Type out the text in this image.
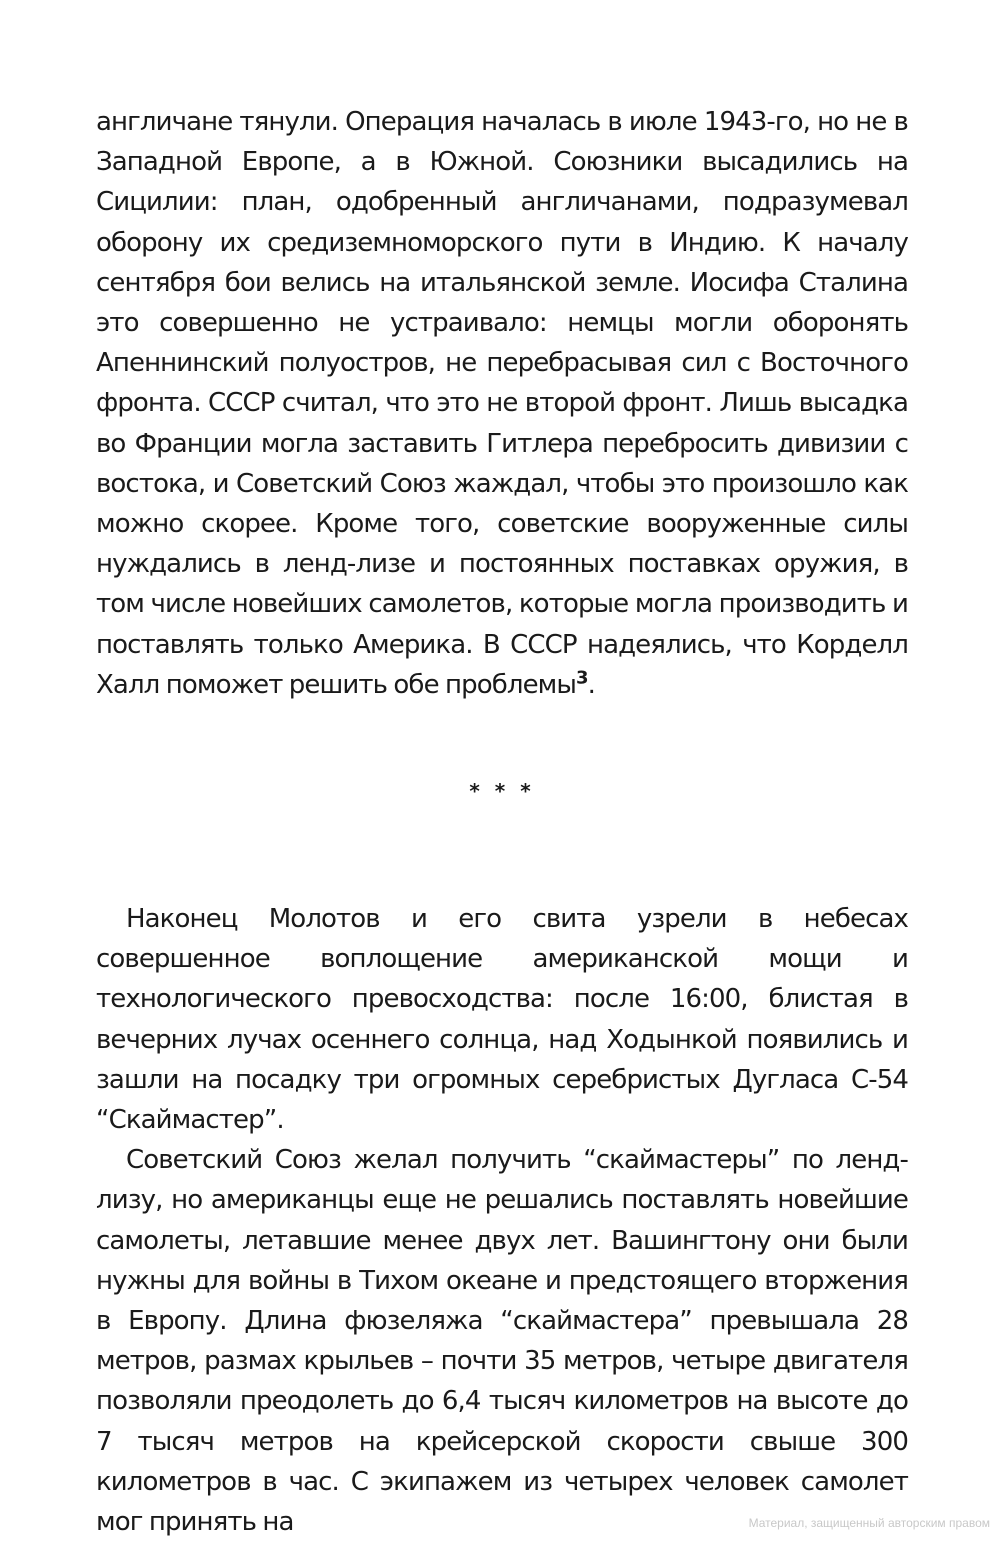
англичане тянули. Операция началась в июле 1943-го, но не в Западной Европе, а в Южной. Союзники высадились на Сицилии: план, одобренный англичанами, подразумевал оборону их средиземноморского пути в Индию. К началу сентября бои велись на итальянской земле. Иосифа Сталина это совершенно не устраивало: немцы могли оборонять Апеннинский полуостров, не перебрасывая сил с Восточного фронта. СССР считал, что это не второй фронт. Лишь высадка во Франции могла заставить Гитлера перебросить дивизии с востока, и Советский Союз жаждал, чтобы это произошло как можно скорее. Кроме того, советские вооруженные силы нуждались в ленд-лизе и постоянных поставках оружия, в том числе новейших самолетов, которые могла производить и поставлять только Америка. В СССР надеялись, что Корделл Халл поможет решить обе проблемы$^3$.

* * *

Наконец Молотов и его свита узрели в небесах совершенное воплощение американской мощи и технологического превосходства: после 16:00, блистая в вечерних лучах осеннего солнца, над Ходынкой появились и зашли на посадку три огромных серебристых Дугласа С-54 “Скаймастер”.

Советский Союз желал получить “скаймастеры” по ленд-лизу, но американцы еще не решались поставлять новейшие самолеты, летавшие менее двух лет. Вашингтону они были нужны для войны в Тихом океане и предстоящего вторжения в Европу. Длина фюзеляжа “скаймастера” превышала 28 метров, размах крыльев – почти 35 метров, четыре двигателя позволяли преодолеть до 6,4 тысяч километров на высоте до 7 тысяч метров на крейсерской скорости свыше 300 километров в час. С экипажем из четырех человек самолет мог принять на	Материал, защищенный авторским правом
